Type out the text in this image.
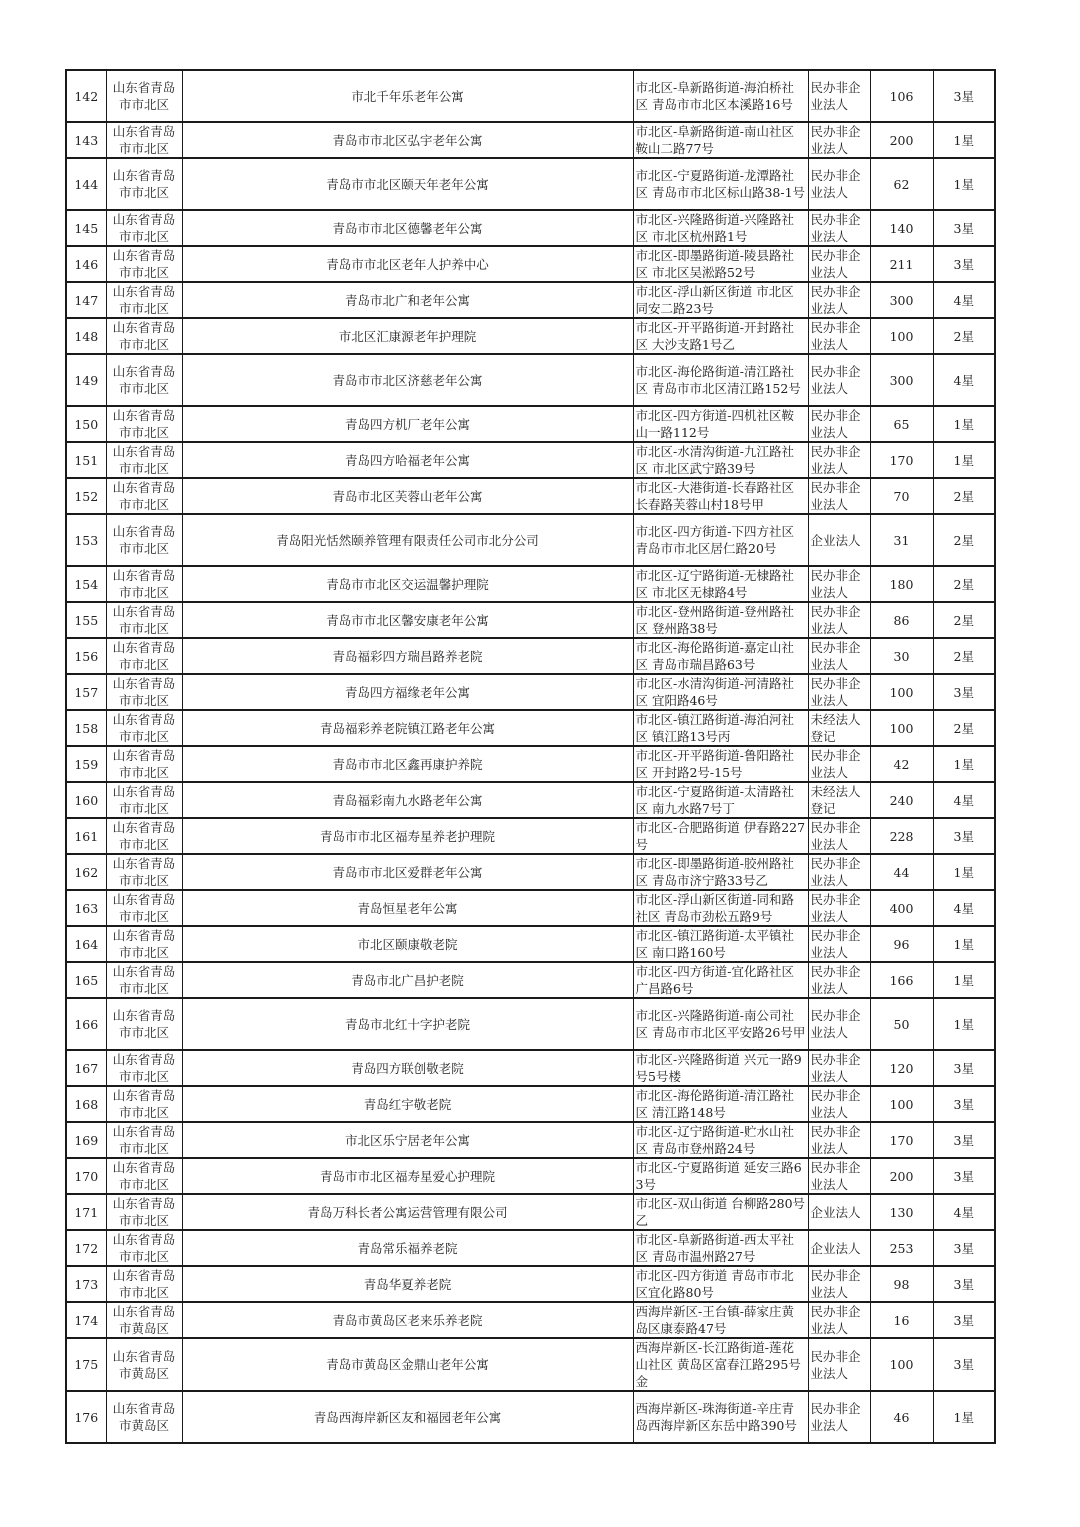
142	山东省青岛市市北区	市北千年乐老年公寓	市北区-阜新路街道-海泊桥社区 青岛市市北区本溪路16号	民办非企业法人	106	3星
143	山东省青岛市市北区	青岛市市北区弘宇老年公寓	市北区-阜新路街道-南山社区 鞍山二路77号	民办非企业法人	200	1星
144	山东省青岛市市北区	青岛市市北区颐天年老年公寓	市北区-宁夏路街道-龙潭路社区 青岛市市北区标山路38-1号	民办非企业法人	62	1星
145	山东省青岛市市北区	青岛市市北区德馨老年公寓	市北区-兴隆路街道-兴隆路社区 市北区杭州路1号	民办非企业法人	140	3星
146	山东省青岛市市北区	青岛市市北区老年人护养中心	市北区-即墨路街道-陵县路社区 市北区吴淞路52号	民办非企业法人	211	3星
147	山东省青岛市市北区	青岛市北广和老年公寓	市北区-浮山新区街道 市北区同安二路23号	民办非企业法人	300	4星
148	山东省青岛市市北区	市北区汇康源老年护理院	市北区-开平路街道-开封路社区 大沙支路1号乙	民办非企业法人	100	2星
149	山东省青岛市市北区	青岛市市北区济慈老年公寓	市北区-海伦路街道-清江路社区 青岛市市北区清江路152号	民办非企业法人	300	4星
150	山东省青岛市市北区	青岛四方机厂老年公寓	市北区-四方街道-四机社区鞍山一路112号	民办非企业法人	65	1星
151	山东省青岛市市北区	青岛四方哈福老年公寓	市北区-水清沟街道-九江路社区 市北区武宁路39号	民办非企业法人	170	1星
152	山东省青岛市市北区	青岛市北区芙蓉山老年公寓	市北区-大港街道-长春路社区 长春路芙蓉山村18号甲	民办非企业法人	70	2星
153	山东省青岛市市北区	青岛阳光恬然颐养管理有限责任公司市北分公司	市北区-四方街道-下四方社区 青岛市市北区居仁路20号	企业法人	31	2星
154	山东省青岛市市北区	青岛市市北区交运温馨护理院	市北区-辽宁路街道-无棣路社区 市北区无棣路4号	民办非企业法人	180	2星
155	山东省青岛市市北区	青岛市市北区馨安康老年公寓	市北区-登州路街道-登州路社区 登州路38号	民办非企业法人	86	2星
156	山东省青岛市市北区	青岛福彩四方瑞昌路养老院	市北区-海伦路街道-嘉定山社区 青岛市瑞昌路63号	民办非企业法人	30	2星
157	山东省青岛市市北区	青岛四方福缘老年公寓	市北区-水清沟街道-河清路社区 宜阳路46号	民办非企业法人	100	3星
158	山东省青岛市市北区	青岛福彩养老院镇江路老年公寓	市北区-镇江路街道-海泊河社区 镇江路13号丙	未经法人登记	100	2星
159	山东省青岛市市北区	青岛市市北区鑫再康护养院	市北区-开平路街道-鲁阳路社区 开封路2号-15号	民办非企业法人	42	1星
160	山东省青岛市市北区	青岛福彩南九水路老年公寓	市北区-宁夏路街道-太清路社区 南九水路7号丁	未经法人登记	240	4星
161	山东省青岛市市北区	青岛市市北区福寿星养老护理院	市北区-合肥路街道 伊春路227号	民办非企业法人	228	3星
162	山东省青岛市市北区	青岛市市北区爱群老年公寓	市北区-即墨路街道-胶州路社区 青岛市济宁路33号乙	民办非企业法人	44	1星
163	山东省青岛市市北区	青岛恒星老年公寓	市北区-浮山新区街道-同和路社区 青岛市劲松五路9号	民办非企业法人	400	4星
164	山东省青岛市市北区	市北区颐康敬老院	市北区-镇江路街道-太平镇社区 南口路160号	民办非企业法人	96	1星
165	山东省青岛市市北区	青岛市北广昌护老院	市北区-四方街道-宜化路社区 广昌路6号	民办非企业法人	166	1星
166	山东省青岛市市北区	青岛市北红十字护老院	市北区-兴隆路街道-南公司社区 青岛市市北区平安路26号甲	民办非企业法人	50	1星
167	山东省青岛市市北区	青岛四方联创敬老院	市北区-兴隆路街道 兴元一路9号5号楼	民办非企业法人	120	3星
168	山东省青岛市市北区	青岛红宇敬老院	市北区-海伦路街道-清江路社区 清江路148号	民办非企业法人	100	3星
169	山东省青岛市市北区	市北区乐宁居老年公寓	市北区-辽宁路街道-贮水山社区 青岛市登州路24号	民办非企业法人	170	3星
170	山东省青岛市市北区	青岛市市北区福寿星爱心护理院	市北区-宁夏路街道 延安三路63号	民办非企业法人	200	3星
171	山东省青岛市市北区	青岛万科长者公寓运营管理有限公司	市北区-双山街道 台柳路280号乙	企业法人	130	4星
172	山东省青岛市市北区	青岛常乐福养老院	市北区-阜新路街道-西太平社区 青岛市温州路27号	企业法人	253	3星
173	山东省青岛市市北区	青岛华夏养老院	市北区-四方街道 青岛市市北区宜化路80号	民办非企业法人	98	3星
174	山东省青岛市黄岛区	青岛市黄岛区老来乐养老院	西海岸新区-王台镇-薛家庄黄岛区康泰路47号	民办非企业法人	16	3星
175	山东省青岛市黄岛区	青岛市黄岛区金鼎山老年公寓	西海岸新区-长江路街道-莲花山社区 黄岛区富春江路295号金	民办非企业法人	100	3星
176	山东省青岛市黄岛区	青岛西海岸新区友和福园老年公寓	西海岸新区-珠海街道-辛庄青岛西海岸新区东岳中路390号	民办非企业法人	46	1星
